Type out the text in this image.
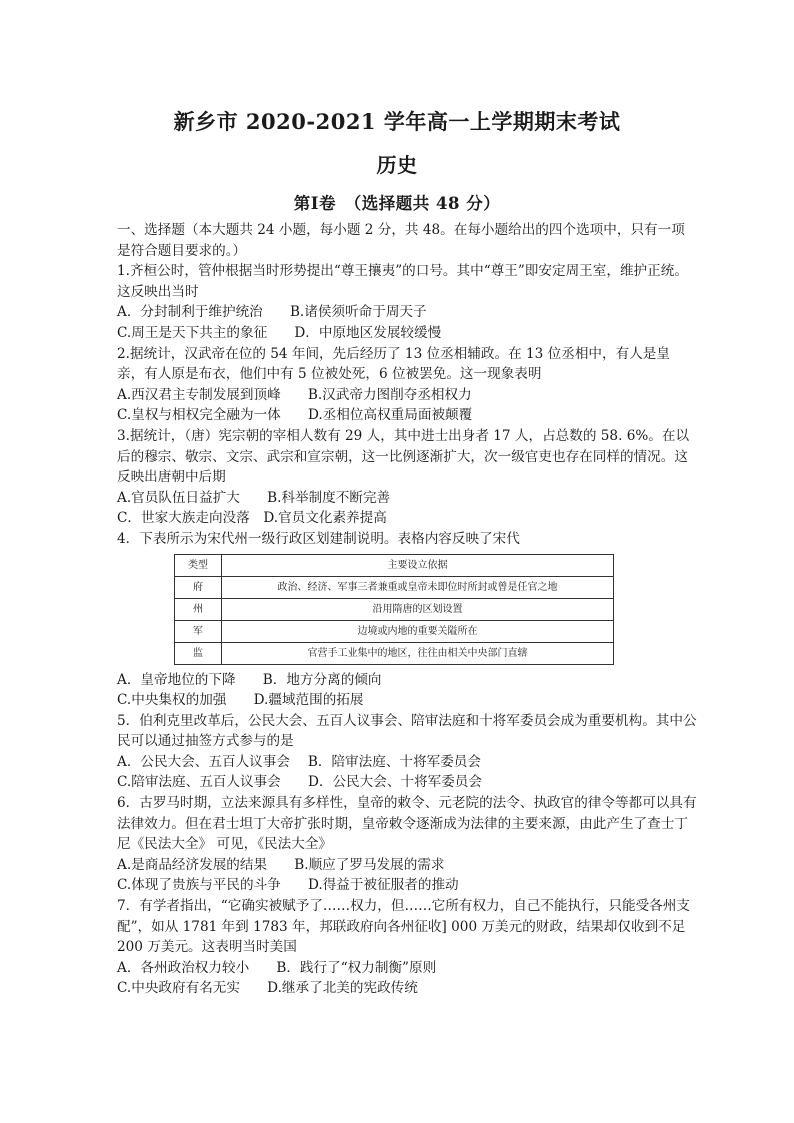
新乡市 2020-2021 学年高一上学期期末考试
历史
第Ⅰ卷　（选择题共 48 分）

一、选择题（本大题共 24 小题，每小题 2 分，共 48。在每小题给出的四个选项中，只有一项是符合题目要求的。）

1.齐桓公时，管仲根据当时形势提出“尊王攘夷”的口号。其中“尊王”即安定周王室，维护正统。这反映出当时

A．分封制利于维护统治　　B.诸侯须听命于周天子

C.周王是天下共主的象征　　D．中原地区发展较缓慢

2.据统计，汉武帝在位的 54 年间，先后经历了 13 位丞相辅政。在 13 位丞相中，有人是皇亲，有人原是布衣，他们中有 5 位被处死，6 位被罢免。这一现象表明

A.西汉君主专制发展到顶峰　　B.汉武帝力图削夺丞相权力

C.皇权与相权完全融为一体　　D.丞相位高权重局面被颠覆

3.据统计，（唐）宪宗朝的宰相人数有 29 人，其中进士出身者 17 人，占总数的 58. 6%。在以后的穆宗、敬宗、文宗、武宗和宣宗朝，这一比例逐渐扩大，次一级官吏也存在同样的情况。这反映出唐朝中后期

A.官员队伍日益扩大　　B.科举制度不断完善

C．世家大族走向没落　D.官员文化素养提高

4．下表所示为宋代州一级行政区划建制说明。表格内容反映了宋代

类型	主要设立依据
府	政治、经济、军事三者兼重或皇帝未即位时所封或曾是任官之地
州	沿用隋唐的区划设置
军	边境或内地的重要关隘所在
监	官营手工业集中的地区，往往由相关中央部门直辖

A．皇帝地位的下降　　B．地方分离的倾向

C.中央集权的加强　　D.疆域范围的拓展

5．伯利克里改革后，公民大会、五百人议事会、陪审法庭和十将军委员会成为重要机构。其中公民可以通过抽签方式参与的是

A．公民大会、五百人议事会　 B．陪审法庭、十将军委员会

C.陪审法庭、五百人议事会　　D．公民大会、十将军委员会

6．古罗马时期，立法来源具有多样性，皇帝的敕令、元老院的法令、执政官的律令等都可以具有法律效力。但在君士坦丁大帝扩张时期，皇帝敕令逐渐成为法律的主要来源，由此产生了查士丁尼《民法大全》 可见，《民法大全》

A.是商品经济发展的结果　　B.顺应了罗马发展的需求

C.体现了贵族与平民的斗争　　D.得益于被征服者的推动

7．有学者指出，“它确实被赋予了……权力，但……它所有权力，自己不能执行，只能受各州支配”，如从 1781 年到 1783 年，邦联政府向各州征收] 000 万美元的财政，结果却仅收到不足 200 万美元。这表明当时美国

A．各州政治权力较小　　B．践行了“权力制衡”原则

C.中央政府有名无实　　D.继承了北美的宪政传统
